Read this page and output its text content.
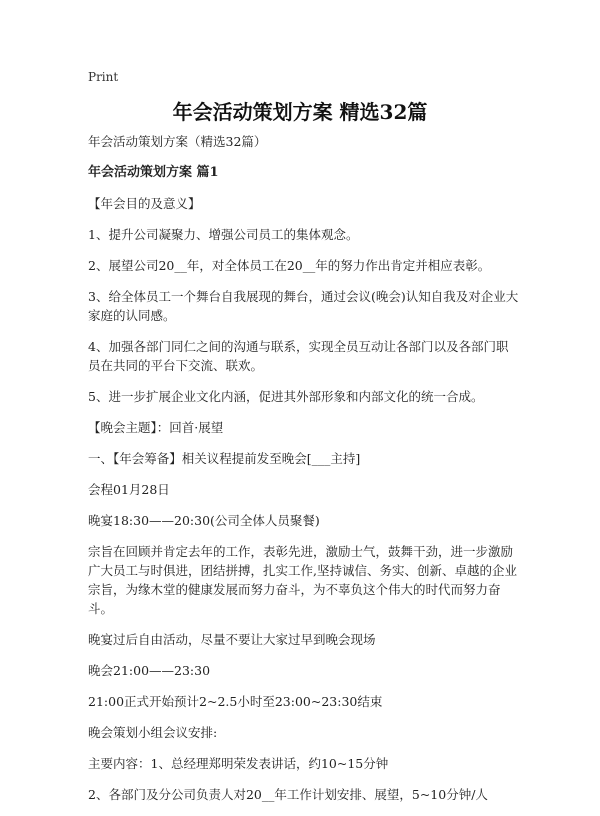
Print
年会活动策划方案 精选32篇

年会活动策划方案（精选32篇）

年会活动策划方案 篇1

【年会目的及意义】

1、提升公司凝聚力、增强公司员工的集体观念。

2、展望公司20__年，对全体员工在20__年的努力作出肯定并相应表彰。

3、给全体员工一个舞台自我展现的舞台，通过会议(晚会)认知自我及对企业大家庭的认同感。

4、加强各部门同仁之间的沟通与联系，实现全员互动让各部门以及各部门职员在共同的平台下交流、联欢。

5、进一步扩展企业文化内涵，促进其外部形象和内部文化的统一合成。

【晚会主题】：回首·展望

一、【年会筹备】相关议程提前发至晚会[___主持]

会程01月28日

晚宴18:30——20:30(公司全体人员聚餐)

宗旨在回顾并肯定去年的工作，表彰先进，激励士气，鼓舞干劲，进一步激励广大员工与时俱进，团结拼搏，扎实工作,坚持诚信、务实、创新、卓越的企业宗旨，为缘木堂的健康发展而努力奋斗，为不辜负这个伟大的时代而努力奋斗。

晚宴过后自由活动，尽量不要让大家过早到晚会现场

晚会21:00——23:30

21:00正式开始预计2~2.5小时至23:00~23:30结束

晚会策划小组会议安排:

主要内容：1、总经理郑明荣发表讲话，约10~15分钟

2、各部门及分公司负责人对20__年工作计划安排、展望，5~10分钟/人
